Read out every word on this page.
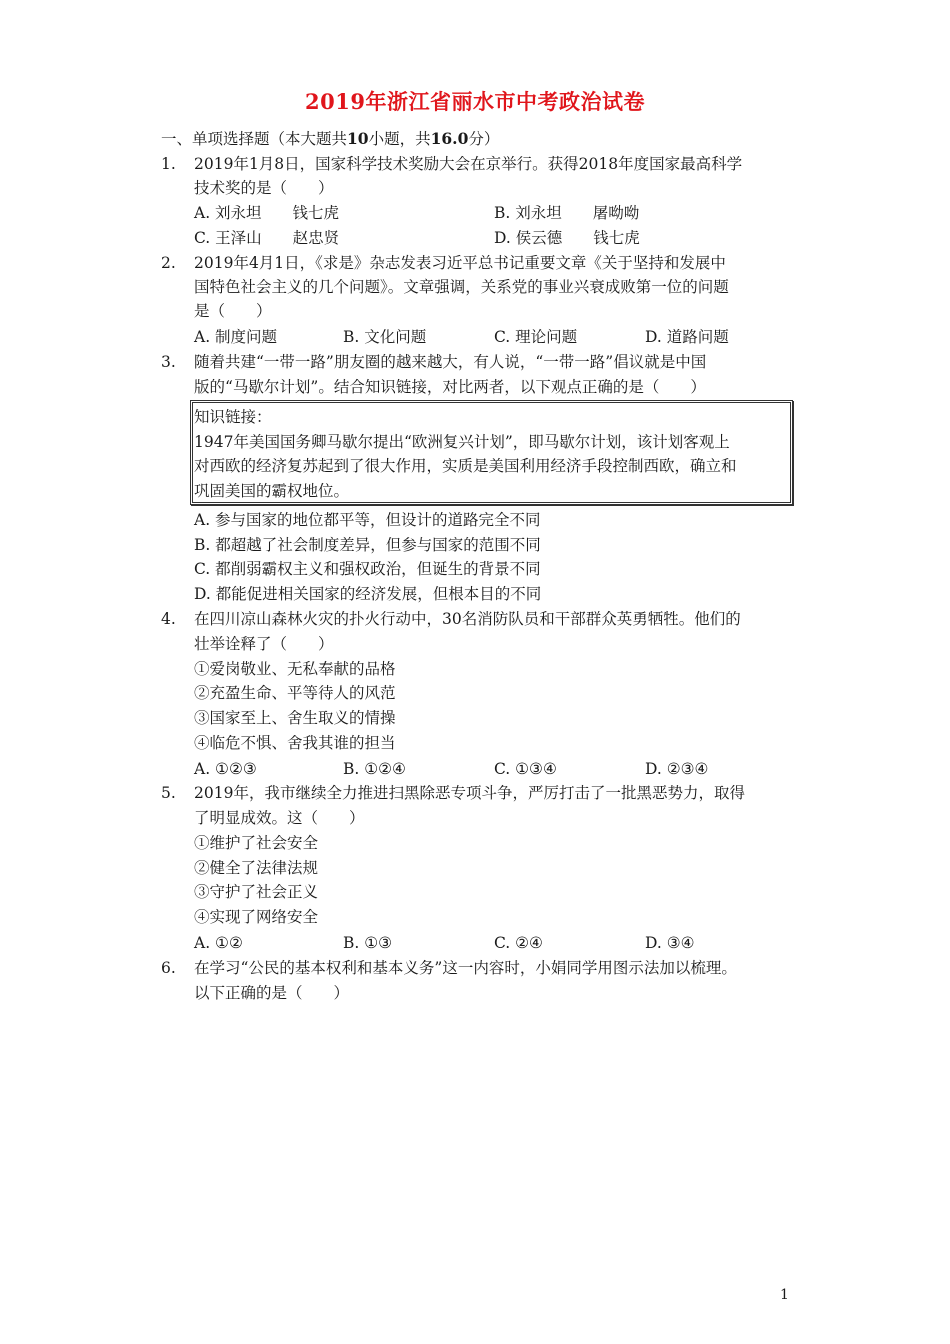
2019年浙江省丽水市中考政治试卷
一、单项选择题（本大题共10小题，共16.0分）
1. 2019年1月8日，国家科学技术奖励大会在京举行。获得2018年度国家最高科学
技术奖的是（　　）
A. 刘永坦　　钱七虎	B. 刘永坦　　屠呦呦
C. 王泽山　　赵忠贤	D. 侯云德　　钱七虎
2. 2019年4月1日，《求是》杂志发表习近平总书记重要文章《关于坚持和发展中
国特色社会主义的几个问题》。文章强调，关系党的事业兴衰成败第一位的问题
是（　　）
A. 制度问题	B. 文化问题	C. 理论问题	D. 道路问题
3. 随着共建“一带一路”朋友圈的越来越大，有人说，“一带一路”倡议就是中国
版的“马歇尔计划”。结合知识链接，对比两者，以下观点正确的是（　　）
知识链接：
1947年美国国务卿马歇尔提出“欧洲复兴计划”，即马歇尔计划，该计划客观上
对西欧的经济复苏起到了很大作用，实质是美国利用经济手段控制西欧，确立和
巩固美国的霸权地位。
A. 参与国家的地位都平等，但设计的道路完全不同
B. 都超越了社会制度差异，但参与国家的范围不同
C. 都削弱霸权主义和强权政治，但诞生的背景不同
D. 都能促进相关国家的经济发展，但根本目的不同
4. 在四川凉山森林火灾的扑火行动中，30名消防队员和干部群众英勇牺牲。他们的
壮举诠释了（　　）
①爱岗敬业、无私奉献的品格
②充盈生命、平等待人的风范
③国家至上、舍生取义的情操
④临危不惧、舍我其谁的担当
A. ①②③	B. ①②④	C. ①③④	D. ②③④
5. 2019年，我市继续全力推进扫黑除恶专项斗争，严厉打击了一批黑恶势力，取得
了明显成效。这（　　）
①维护了社会安全
②健全了法律法规
③守护了社会正义
④实现了网络安全
A. ①②	B. ①③	C. ②④	D. ③④
6. 在学习“公民的基本权利和基本义务”这一内容时，小娟同学用图示法加以梳理。
以下正确的是（　　）
1
